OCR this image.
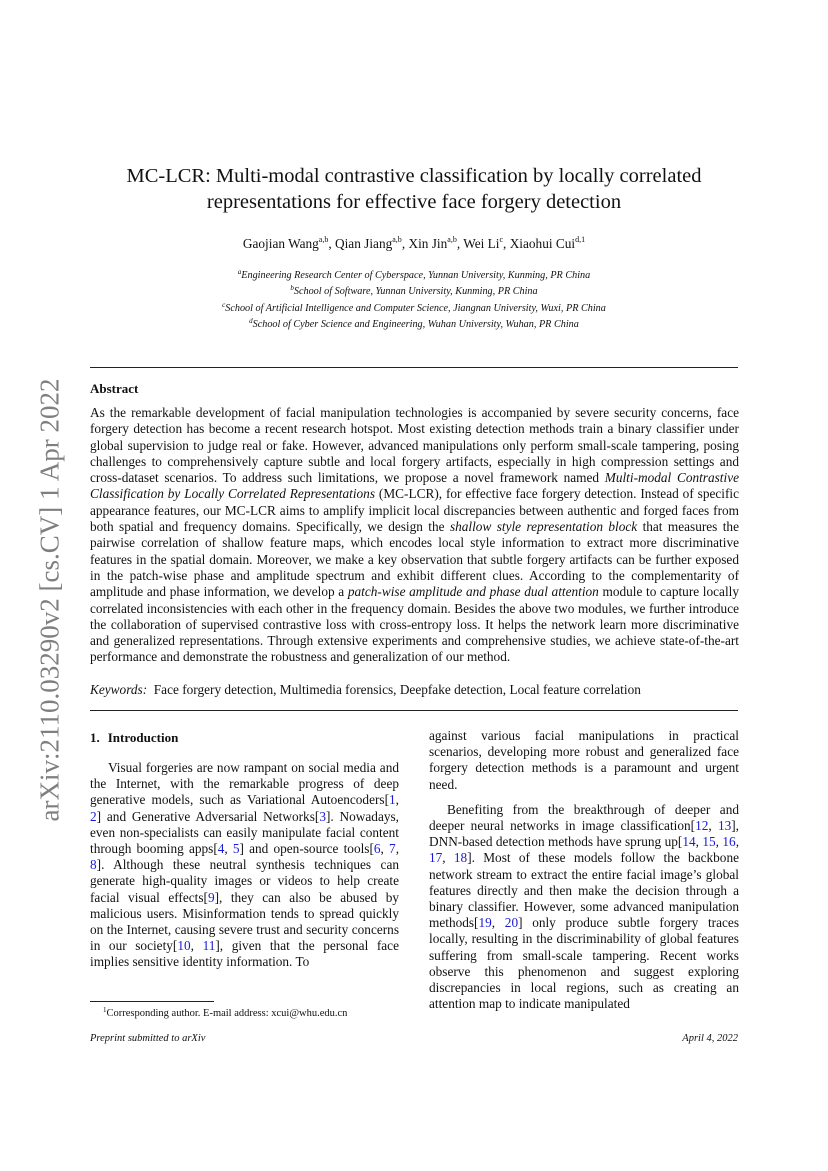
arXiv:2110.03290v2 [cs.CV] 1 Apr 2022
MC-LCR: Multi-modal contrastive classification by locally correlated
representations for effective face forgery detection
Gaojian Wang$^{a,b}$, Qian Jiang$^{a,b}$, Xin Jin$^{a,b}$, Wei Li$^c$, Xiaohui Cui$^{d,1}$
$^a$Engineering Research Center of Cyberspace, Yunnan University, Kunming, PR China
$^b$School of Software, Yunnan University, Kunming, PR China
$^c$School of Artificial Intelligence and Computer Science, Jiangnan University, Wuxi, PR China
$^d$School of Cyber Science and Engineering, Wuhan University, Wuhan, PR China
Abstract
As the remarkable development of facial manipulation technologies is accompanied by severe security concerns, face forgery detection has become a recent research hotspot. Most existing detection methods train a binary classifier under global supervision to judge real or fake. However, advanced manipulations only perform small-scale tampering, posing challenges to comprehensively capture subtle and local forgery artifacts, especially in high compression settings and cross-dataset scenarios. To address such limitations, we propose a novel framework named Multi-modal Contrastive Classification by Locally Correlated Representations (MC-LCR), for effective face forgery detection. Instead of specific appearance features, our MC-LCR aims to amplify implicit local discrepancies between authentic and forged faces from both spatial and frequency domains. Specifically, we design the shallow style representation block that measures the pairwise correlation of shallow feature maps, which encodes local style information to extract more discriminative features in the spatial domain. Moreover, we make a key observation that subtle forgery artifacts can be further exposed in the patch-wise phase and amplitude spectrum and exhibit different clues. According to the complementarity of amplitude and phase information, we develop a patch-wise amplitude and phase dual attention module to capture locally correlated inconsistencies with each other in the frequency domain. Besides the above two modules, we further introduce the collaboration of supervised contrastive loss with cross-entropy loss. It helps the network learn more discriminative and generalized representations. Through extensive experiments and comprehensive studies, we achieve state-of-the-art performance and demonstrate the robustness and generalization of our method.
Keywords: Face forgery detection, Multimedia forensics, Deepfake detection, Local feature correlation
1. Introduction

Visual forgeries are now rampant on social media and the Internet, with the remarkable progress of deep generative models, such as Variational Autoencoders[1, 2] and Generative Adversarial Networks[3]. Nowadays, even non-specialists can easily manipulate facial content through booming apps[4, 5] and open-source tools[6, 7, 8]. Although these neutral synthesis techniques can generate high-quality images or videos to help create facial visual effects[9], they can also be abused by malicious users. Misinformation tends to spread quickly on the Internet, causing severe trust and security concerns in our society[10, 11], given that the personal face implies sensitive identity information. To

against various facial manipulations in practical scenarios, developing more robust and generalized face forgery detection methods is a paramount and urgent need.

Benefiting from the breakthrough of deeper and deeper neural networks in image classification[12, 13], DNN-based detection methods have sprung up[14, 15, 16, 17, 18]. Most of these models follow the backbone network stream to extract the entire facial image’s global features directly and then make the decision through a binary classifier. However, some advanced manipulation methods[19, 20] only produce subtle forgery traces locally, resulting in the discriminability of global features suffering from small-scale tampering. Recent works observe this phenomenon and suggest exploring discrepancies in local regions, such as creating an attention map to indicate manipulated

$^1$Corresponding author. E-mail address: xcui@whu.edu.cn
Preprint submitted to arXiv	April 4, 2022
